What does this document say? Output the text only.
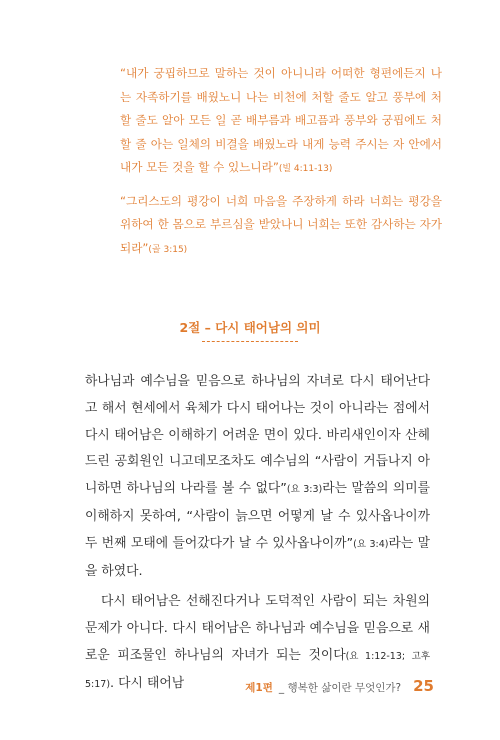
“내가 궁핍하므로 말하는 것이 아니니라 어떠한 형편에든지 나는 자족하기를 배웠노니 나는 비천에 처할 줄도 알고 풍부에 처할 줄도 알아 모든 일 곧 배부름과 배고픔과 풍부와 궁핍에도 처할 줄 아는 일체의 비결을 배웠노라 내게 능력 주시는 자 안에서 내가 모든 것을 할 수 있느니라”(빌 4:11-13)

“그리스도의 평강이 너희 마음을 주장하게 하라 너희는 평강을 위하여 한 몸으로 부르심을 받았나니 너희는 또한 감사하는 자가 되라”(골 3:15)

2절 – 다시 태어남의 의미

하나님과 예수님을 믿음으로 하나님의 자녀로 다시 태어난다고 해서 현세에서 육체가 다시 태어나는 것이 아니라는 점에서 다시 태어남은 이해하기 어려운 면이 있다. 바리새인이자 산헤드린 공회원인 니고데모조차도 예수님의 “사람이 거듭나지 아니하면 하나님의 나라를 볼 수 없다”(요 3:3)라는 말씀의 의미를 이해하지 못하여, “사람이 늙으면 어떻게 날 수 있사옵나이까 두 번째 모태에 들어갔다가 날 수 있사옵나이까”(요 3:4)라는 말을 하였다.

다시 태어남은 선해진다거나 도덕적인 사람이 되는 차원의 문제가 아니다. 다시 태어남은 하나님과 예수님을 믿음으로 새로운 피조물인 하나님의 자녀가 되는 것이다(요 1:12-13; 고후 5:17). 다시 태어남	제1편 _ 행복한 삶이란 무엇인가? 25
